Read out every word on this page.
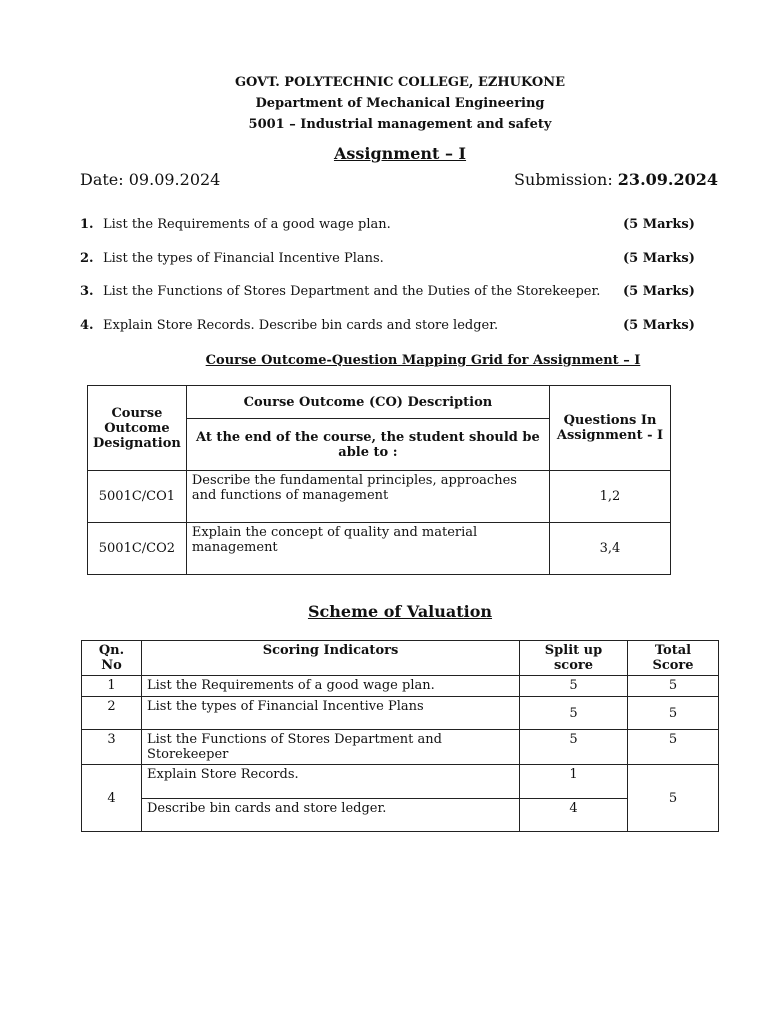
GOVT. POLYTECHNIC COLLEGE, EZHUKONE
Department of Mechanical Engineering
5001 – Industrial management and safety
Assignment – I
Date: 09.09.2024	Submission: 23.09.2024
1. List the Requirements of a good wage plan.	(5 Marks)
2. List the types of Financial Incentive Plans.	(5 Marks)
3. List the Functions of Stores Department and the Duties of the Storekeeper. (5 Marks)
4. Explain Store Records. Describe bin cards and store ledger.	(5 Marks)
Course Outcome-Question Mapping Grid for Assignment – I
Course Outcome Designation	Course Outcome (CO) Description	Questions In Assignment - I
	At the end of the course, the student should be able to :	
5001C/CO1	Describe the fundamental principles, approaches and functions of management	1,2
5001C/CO2	Explain the concept of quality and material management	3,4
Scheme of Valuation
Qn. No	Scoring Indicators	Split up score	Total Score
1	List the Requirements of a good wage plan.	5	5
2	List the types of Financial Incentive Plans	5	5
3	List the Functions of Stores Department and Storekeeper	5	5
4	Explain Store Records.	1	5
	Describe bin cards and store ledger.	4	
